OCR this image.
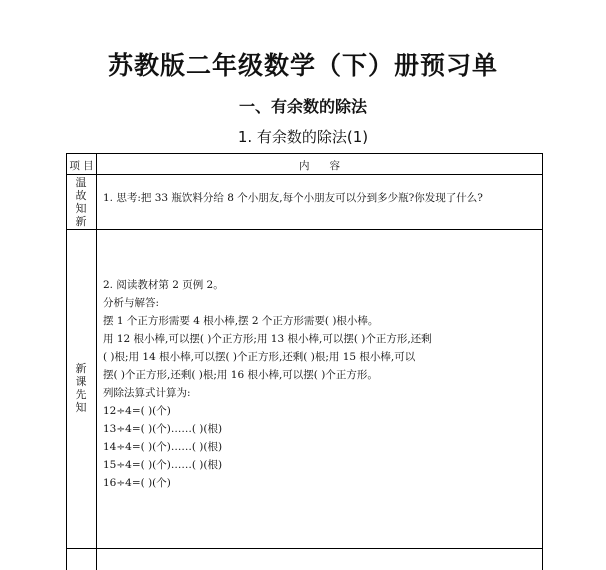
苏教版二年级数学（下）册预习单
一、有余数的除法
1. 有余数的除法(1)
项 目	内      容
温
故
知
新
1. 思考:把 33 瓶饮料分给 8 个小朋友,每个小朋友可以分到多少瓶?你发现了什么?
新
课
先
知
2. 阅读教材第 2 页例 2。
分析与解答:
摆 1 个正方形需要 4 根小棒,摆 2 个正方形需要( )根小棒。
用 12 根小棒,可以摆( )个正方形;用 13 根小棒,可以摆( )个正方形,还剩
( )根;用 14 根小棒,可以摆( )个正方形,还剩( )根;用 15 根小棒,可以
摆( )个正方形,还剩( )根;用 16 根小棒,可以摆( )个正方形。
列除法算式计算为:
12÷4=( )(个)
13÷4=( )(个)……( )(根)
14÷4=( )(个)……( )(根)
15÷4=( )(个)……( )(根)
16÷4=( )(个)
